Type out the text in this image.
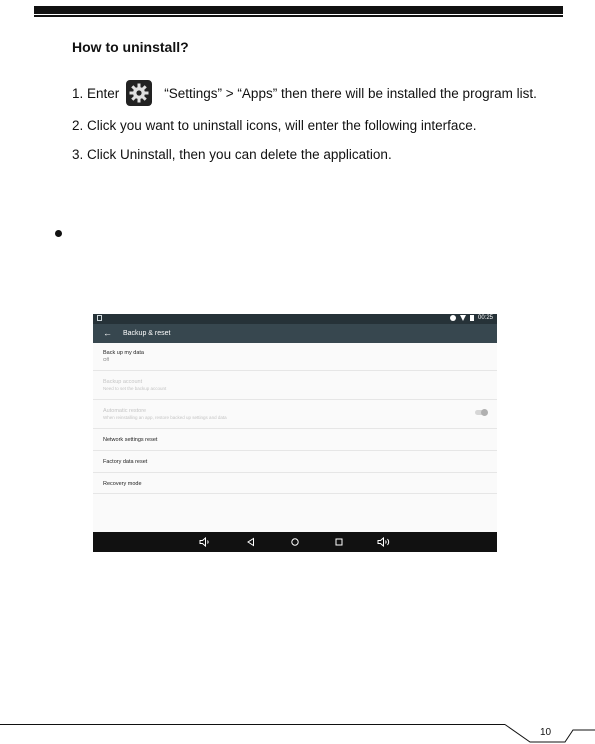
How to uninstall?
1. Enter	“Settings” > “Apps” then there will be installed the program list.
2. Click you want to uninstall icons, will enter the following interface.
3. Click Uninstall, then you can delete the application.
00:25
←	Backup & reset
Back up my data
Off
Backup account
Need to set the backup account
Automatic restore
When reinstalling an app, restore backed up settings and data
Network settings reset
Factory data reset
Recovery mode
10
